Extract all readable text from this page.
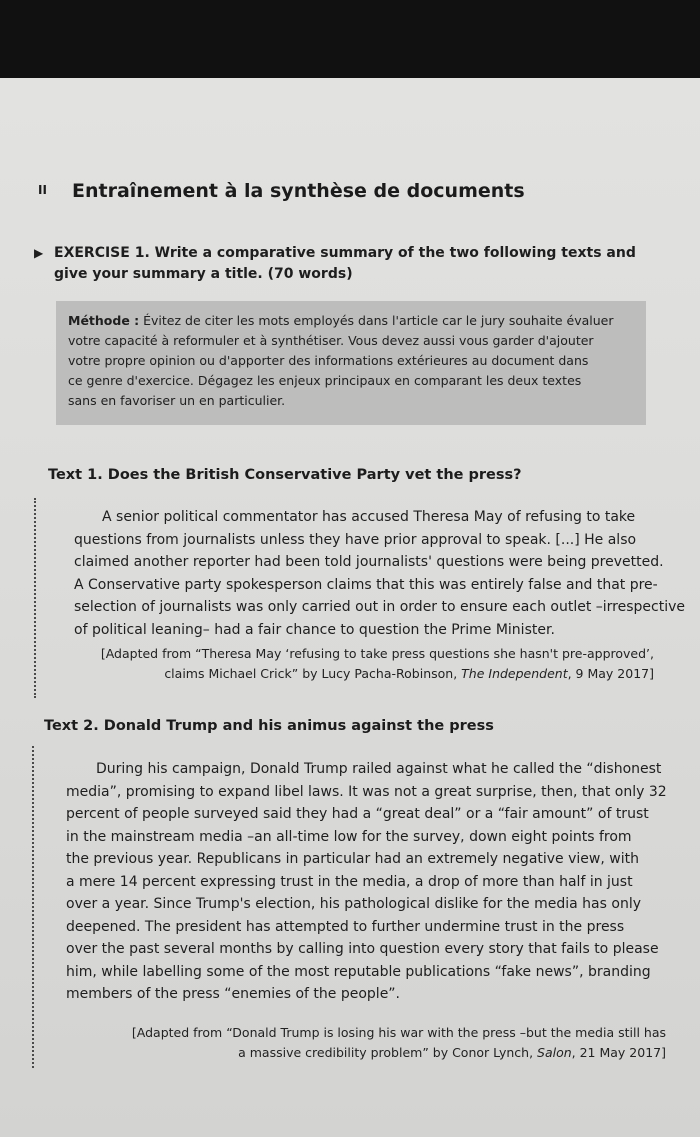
II Entraînement à la synthèse de documents
▶ EXERCISE 1. Write a comparative summary of the two following texts and
give your summary a title. (70 words)
Méthode : Évitez de citer les mots employés dans l'article car le jury souhaite évaluer
votre capacité à reformuler et à synthétiser. Vous devez aussi vous garder d'ajouter
votre propre opinion ou d'apporter des informations extérieures au document dans
ce genre d'exercice. Dégagez les enjeux principaux en comparant les deux textes
sans en favoriser un en particulier.
Text 1. Does the British Conservative Party vet the press?
A senior political commentator has accused Theresa May of refusing to take
questions from journalists unless they have prior approval to speak. [...] He also
claimed another reporter had been told journalists' questions were being prevetted.
A Conservative party spokesperson claims that this was entirely false and that pre-
selection of journalists was only carried out in order to ensure each outlet –irrespective
of political leaning– had a fair chance to question the Prime Minister.
[Adapted from “Theresa May ‘refusing to take press questions she hasn't pre-approved’,
claims Michael Crick” by Lucy Pacha-Robinson, The Independent, 9 May 2017]
Text 2. Donald Trump and his animus against the press
During his campaign, Donald Trump railed against what he called the “dishonest
media”, promising to expand libel laws. It was not a great surprise, then, that only 32
percent of people surveyed said they had a “great deal” or a “fair amount” of trust
in the mainstream media –an all-time low for the survey, down eight points from
the previous year. Republicans in particular had an extremely negative view, with
a mere 14 percent expressing trust in the media, a drop of more than half in just
over a year. Since Trump's election, his pathological dislike for the media has only
deepened. The president has attempted to further undermine trust in the press
over the past several months by calling into question every story that fails to please
him, while labelling some of the most reputable publications “fake news”, branding
members of the press “enemies of the people”.
[Adapted from “Donald Trump is losing his war with the press –but the media still has
a massive credibility problem” by Conor Lynch, Salon, 21 May 2017]
